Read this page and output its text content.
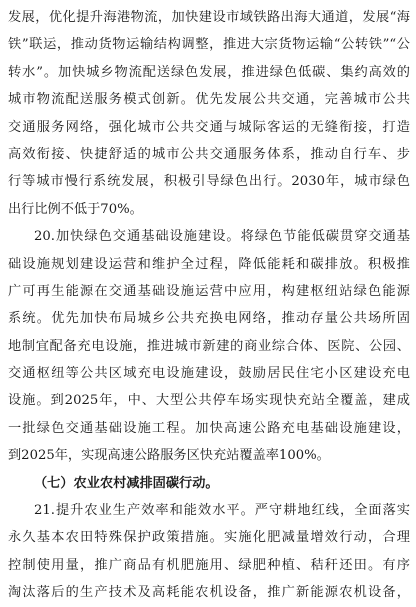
发展，优化提升海港物流，加快建设市域铁路出海大通道，发展“海
铁”联运，推动货物运输结构调整，推进大宗货物运输“公转铁”“公
转水”。加快城乡物流配送绿色发展，推进绿色低碳、集约高效的
城市物流配送服务模式创新。优先发展公共交通，完善城市公共
交通服务网络，强化城市公共交通与城际客运的无缝衔接，打造
高效衔接、快捷舒适的城市公共交通服务体系，推动自行车、步
行等城市慢行系统发展，积极引导绿色出行。2030年，城市绿色
出行比例不低于70%。
20.加快绿色交通基础设施建设。将绿色节能低碳贯穿交通基
础设施规划建设运营和维护全过程，降低能耗和碳排放。积极推
广可再生能源在交通基础设施运营中应用，构建枢纽站绿色能源
系统。优先加快布局城乡公共充换电网络，推动存量公共场所固
地制宜配备充电设施，推进城市新建的商业综合体、医院、公园、
交通枢纽等公共区域充电设施建设，鼓励居民住宅小区建设充电
设施。到2025年，中、大型公共停车场实现快充站全覆盖，建成
一批绿色交通基础设施工程。加快高速公路充电基础设施建设，
到2025年，实现高速公路服务区快充站覆盖率100%。
（七）农业农村减排固碳行动。
21.提升农业生产效率和能效水平。严守耕地红线，全面落实
永久基本农田特殊保护政策措施。实施化肥减量增效行动，合理
控制使用量，推广商品有机肥施用、绿肥种植、秸秆还田。有序
淘汰落后的生产技术及高耗能农机设备，推广新能源农机设备，
